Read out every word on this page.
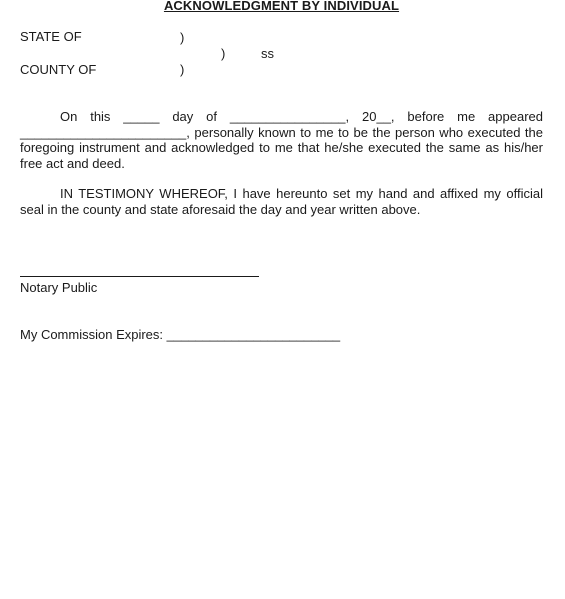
ACKNOWLEDGMENT BY INDIVIDUAL
STATE OF	)
)	ss
COUNTY OF	)

On this _____ day of ________________, 20__, before me appeared _______________________, personally known to me to be the person who executed the foregoing instrument and acknowledged to me that he/she executed the same as his/her free act and deed.

IN TESTIMONY WHEREOF, I have hereunto set my hand and affixed my official seal in the county and state aforesaid the day and year written above.

Notary Public
My Commission Expires: ________________________
